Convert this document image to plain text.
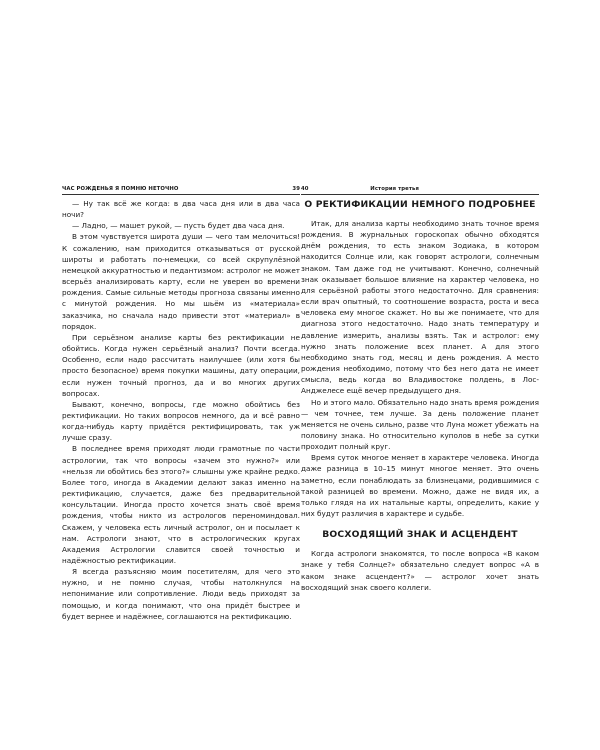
ЧАС РОЖДЕНЬЯ Я ПОМНЮ НЕТОЧНО	39

— Ну так всё же когда: в два часа дня или в два часа ночи?

— Ладно, — машет рукой, — пусть будет два часа дня.

В этом чувствуется широта души — чего там мелочиться! К сожалению, нам приходится отказываться от русской широты и работать по-немецки, со всей скрупулёзной немецкой аккуратностью и педантизмом: астролог не может всерьёз анализировать карту, если не уверен во времени рождения. Самые сильные методы прогноза связаны именно с минутой рождения. Но мы шьём из «материала» заказчика, но сначала надо привести этот «материал» в порядок.

При серьёзном анализе карты без ректификации не обойтись. Когда нужен серьёзный анализ? Почти всегда. Особенно, если надо рассчитать наилучшее (или хотя бы просто безопасное) время покупки машины, дату операции, если нужен точный прогноз, да и во многих других вопросах.

Бывают, конечно, вопросы, где можно обойтись без ректификации. Но таких вопросов немного, да и всё равно когда-нибудь карту придётся ректифицировать, так уж лучше сразу.

В последнее время приходят люди грамотные по части астрологии, так что вопросы «зачем это нужно?» или «нельзя ли обойтись без этого?» слышны уже крайне редко. Более того, иногда в Академии делают заказ именно на ректификацию, случается, даже без предварительной консультации. Иногда просто хочется знать своё время рождения, чтобы никто из астрологов переноминдовал. Скажем, у человека есть личный астролог, он и посылает к нам. Астрологи знают, что в астрологических кругах Академия Астрологии славится своей точностью и надёжностью ректификации.

Я всегда разъясняю моим посетителям, для чего это нужно, и не помню случая, чтобы натолкнулся на непонимание или сопротивление. Люди ведь приходят за помощью, и когда понимают, что она придёт быстрее и будет вернее и надёжнее, соглашаются на ректификацию.

40	История третья
О РЕКТИФИКАЦИИ НЕМНОГО ПОДРОБНЕЕ

Итак, для анализа карты необходимо знать точное время рождения. В журнальных гороскопах обычно обходятся днём рождения, то есть знаком Зодиака, в котором находится Солнце или, как говорят астрологи, солнечным знаком. Там даже год не учитывают. Конечно, солнечный знак оказывает большое влияние на характер человека, но для серьёзной работы этого недостаточно. Для сравнения: если врач опытный, то соотношение возраста, роста и веса человека ему многое скажет. Но вы же понимаете, что для диагноза этого недостаточно. Надо знать температуру и давление измерить, анализы взять. Так и астролог: ему нужно знать положение всех планет. А для этого необходимо знать год, месяц и день рождения. А место рождения необходимо, потому что без него дата не имеет смысла, ведь когда во Владивостоке полдень, в Лос-Анджелесе ещё вечер предыдущего дня.

Но и этого мало. Обязательно надо знать время рождения — чем точнее, тем лучше. За день положение планет меняется не очень сильно, разве что Луна может убежать на половину знака. Но относительно куполов в небе за сутки проходит полный круг.

Время суток многое меняет в характере человека. Иногда даже разница в 10–15 минут многое меняет. Это очень заметно, если понаблюдать за близнецами, родившимися с такой разницей во времени. Можно, даже не видя их, а только глядя на их натальные карты, определить, какие у них будут различия в характере и судьбе.

ВОСХОДЯЩИЙ ЗНАК И АСЦЕНДЕНТ

Когда астрологи знакомятся, то после вопроса «В каком знаке у тебя Солнце?» обязательно следует вопрос «А в каком знаке асцендент?» — астролог хочет знать восходящий знак своего коллеги.
